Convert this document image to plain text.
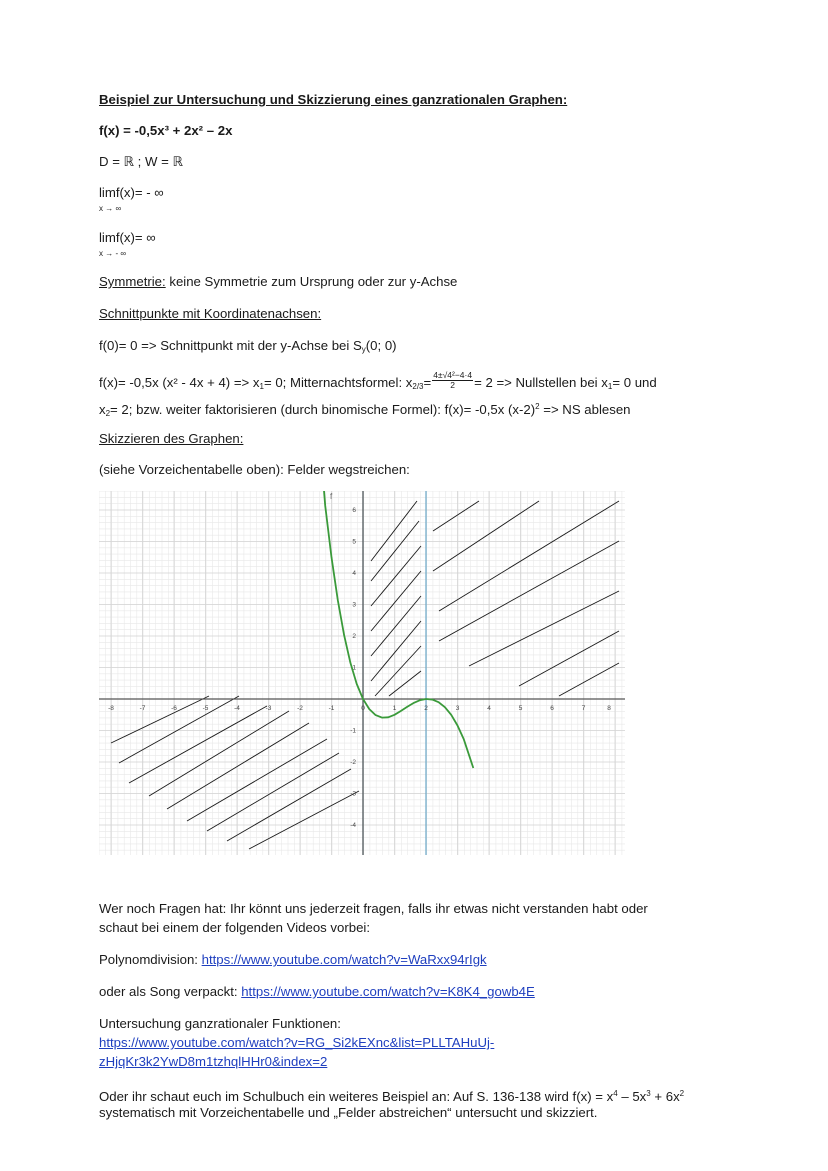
Beispiel zur Untersuchung und Skizzierung eines ganzrationalen Graphen:
f(x) = -0,5x³ + 2x² – 2x
D = ℝ ; W = ℝ
limf(x)= - ∞
x → ∞
limf(x)= ∞
x → - ∞
Symmetrie: keine Symmetrie zum Ursprung oder zur y-Achse
Schnittpunkte mit Koordinatenachsen:
f(0)= 0 => Schnittpunkt mit der y-Achse bei $S_y(0$; 0)
f(x)= -0,5x $(x^2 - 4x + 4) => x_1= 0$; Mitternachtsformel: $x_{2/3}= \frac{\text{4±√4²−4·4}}{2} = 2$ => Nullstellen bei $x_1= 0$ und
$x_2= 2$; bzw. weiter faktorisieren (durch binomische Formel): f(x)= -0,5x $(x-2)^2$ => NS ablesen
Skizzieren des Graphen:
(siehe Vorzeichentabelle oben): Felder wegstreichen:
f
-8	-7	-6	-5	-4	-3	-2	-1	0	1	2	3	4	5	6	7	8
1
2
3
4
5
6
-1
-2
-3
-4
Wer noch Fragen hat: Ihr könnt uns jederzeit fragen, falls ihr etwas nicht verstanden habt oder
schaut bei einem der folgenden Videos vorbei:
Polynomdivision: https://www.youtube.com/watch?v=WaRxx94rIgk
oder als Song verpackt: https://www.youtube.com/watch?v=K8K4_gowb4E
Untersuchung ganzrationaler Funktionen:
https://www.youtube.com/watch?v=RG_Si2kEXnc&list=PLLTAHuUj-
zHjqKr3k2YwD8m1tzhqlHHr0&index=2
Oder ihr schaut euch im Schulbuch ein weiteres Beispiel an: Auf S. 136-138 wird $f(x) = x^4 - 5x^3 + 6x^2$
systematisch mit Vorzeichentabelle und „Felder abstreichen“ untersucht und skizziert.
